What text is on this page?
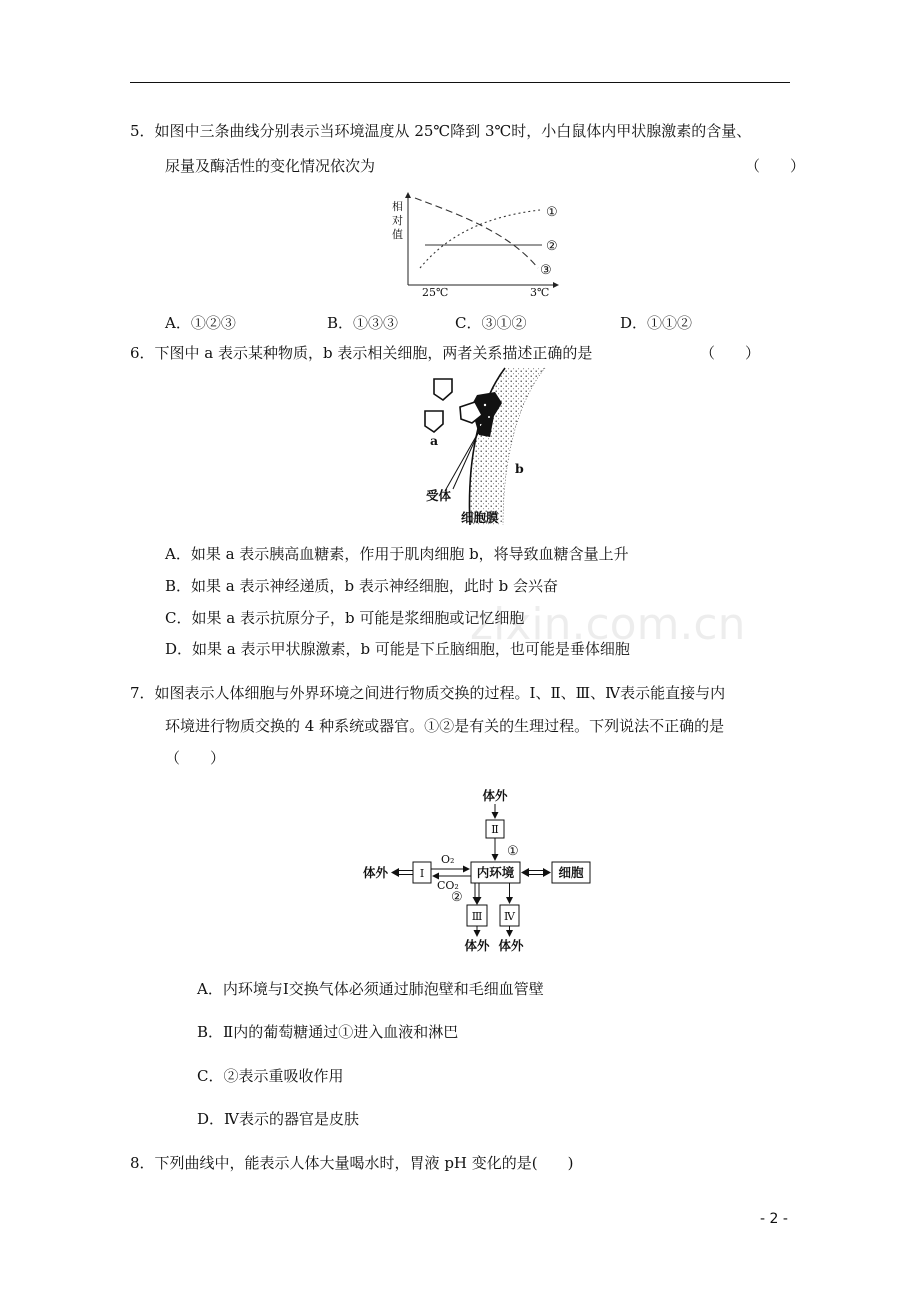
zixin.com.cn
5．如图中三条曲线分别表示当环境温度从 25℃降到 3℃时，小白鼠体内甲状腺激素的含量、
尿量及酶活性的变化情况依次为	（　　）
相
对
值
①
②
③
25℃	3℃
A．①②③	B．①③③	C．③①②	D．①①②
6．下图中 a 表示某种物质，b 表示相关细胞，两者关系描述正确的是	（　　）
a
b
受体
细胞膜
A．如果 a 表示胰高血糖素，作用于肌肉细胞 b，将导致血糖含量上升
B．如果 a 表示神经递质，b 表示神经细胞，此时 b 会兴奋
C．如果 a 表示抗原分子，b 可能是浆细胞或记忆细胞
D．如果 a 表示甲状腺激素，b 可能是下丘脑细胞，也可能是垂体细胞
7．如图表示人体细胞与外界环境之间进行物质交换的过程。Ⅰ、Ⅱ、Ⅲ、Ⅳ表示能直接与内
环境进行物质交换的 4 种系统或器官。①②是有关的生理过程。下列说法不正确的是
（　　）
体外
Ⅱ
①
内环境
体外	Ⅰ
O₂
CO₂
细胞
②
Ⅲ Ⅳ
体外 体外
A．内环境与Ⅰ交换气体必须通过肺泡壁和毛细血管壁
B．Ⅱ内的葡萄糖通过①进入血液和淋巴
C．②表示重吸收作用
D．Ⅳ表示的器官是皮肤
8．下列曲线中，能表示人体大量喝水时，胃液 pH 变化的是(　　)
- 2 -
